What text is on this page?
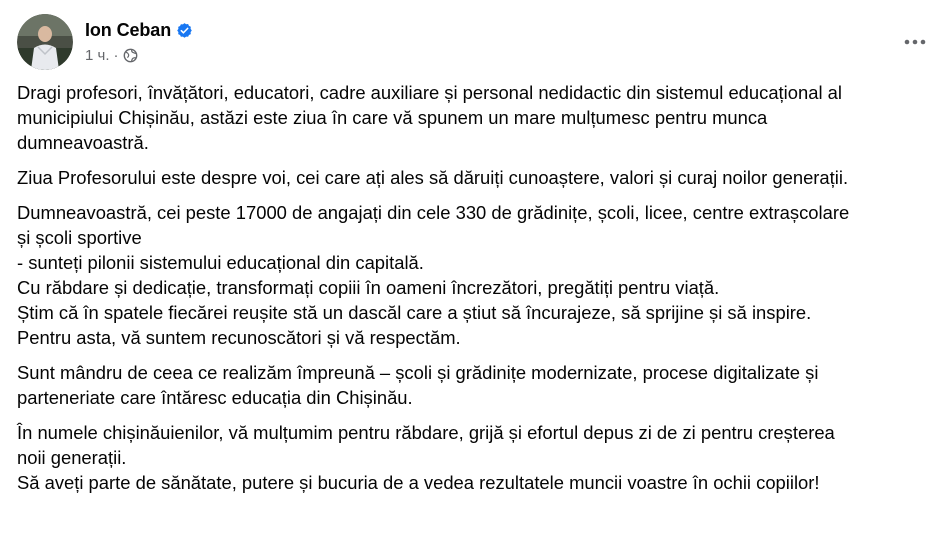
Ion Ceban
1 ч. ·
Dragi profesori, învățători, educatori, cadre auxiliare și personal nedidactic din sistemul educațional al
municipiului Chișinău, astăzi este ziua în care vă spunem un mare mulțumesc pentru munca
dumneavoastră.
Ziua Profesorului este despre voi, cei care ați ales să dăruiți cunoaștere, valori și curaj noilor generații.
Dumneavoastră, cei peste 17000 de angajați din cele 330 de grădinițe, școli, licee, centre extrașcolare
și școli sportive
- sunteți pilonii sistemului educațional din capitală.
Cu răbdare și dedicație, transformați copiii în oameni încrezători, pregătiți pentru viață.
Știm că în spatele fiecărei reușite stă un dascăl care a știut să încurajeze, să sprijine și să inspire.
Pentru asta, vă suntem recunoscători și vă respectăm.
Sunt mândru de ceea ce realizăm împreună – școli și grădinițe modernizate, procese digitalizate și
parteneriate care întăresc educația din Chișinău.
În numele chișinăuienilor, vă mulțumim pentru răbdare, grijă și efortul depus zi de zi pentru creșterea
noii generații.
Să aveți parte de sănătate, putere și bucuria de a vedea rezultatele muncii voastre în ochii copiilor!
